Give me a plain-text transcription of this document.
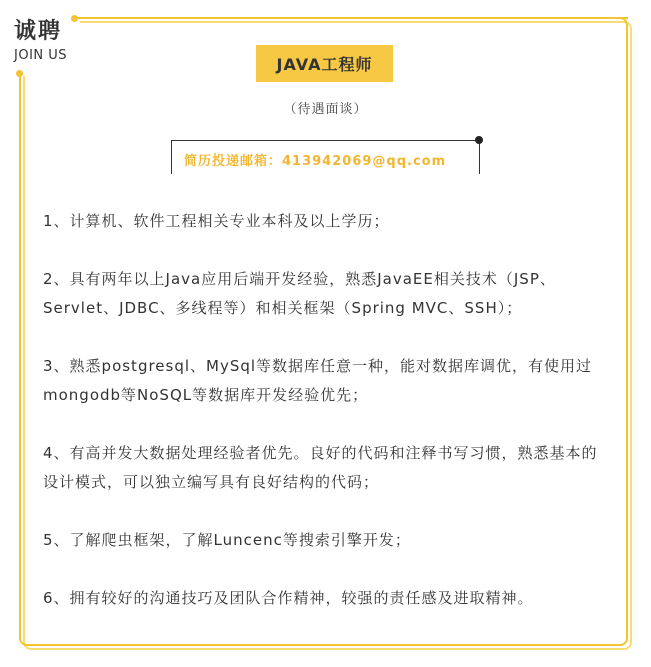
诚聘
JOIN US	JAVA工程师
（待遇面谈）
简历投递邮箱：413942069@qq.com
1、计算机、软件工程相关专业本科及以上学历；
2、具有两年以上Java应用后端开发经验，熟悉JavaEE相关技术（JSP、Servlet、JDBC、多线程等）和相关框架（Spring MVC、SSH）；
3、熟悉postgresql、MySql等数据库任意一种，能对数据库调优，有使用过mongodb等NoSQL等数据库开发经验优先；
4、有高并发大数据处理经验者优先。良好的代码和注释书写习惯，熟悉基本的设计模式，可以独立编写具有良好结构的代码；
5、了解爬虫框架，了解Luncenc等搜索引擎开发；
6、拥有较好的沟通技巧及团队合作精神，较强的责任感及进取精神。
